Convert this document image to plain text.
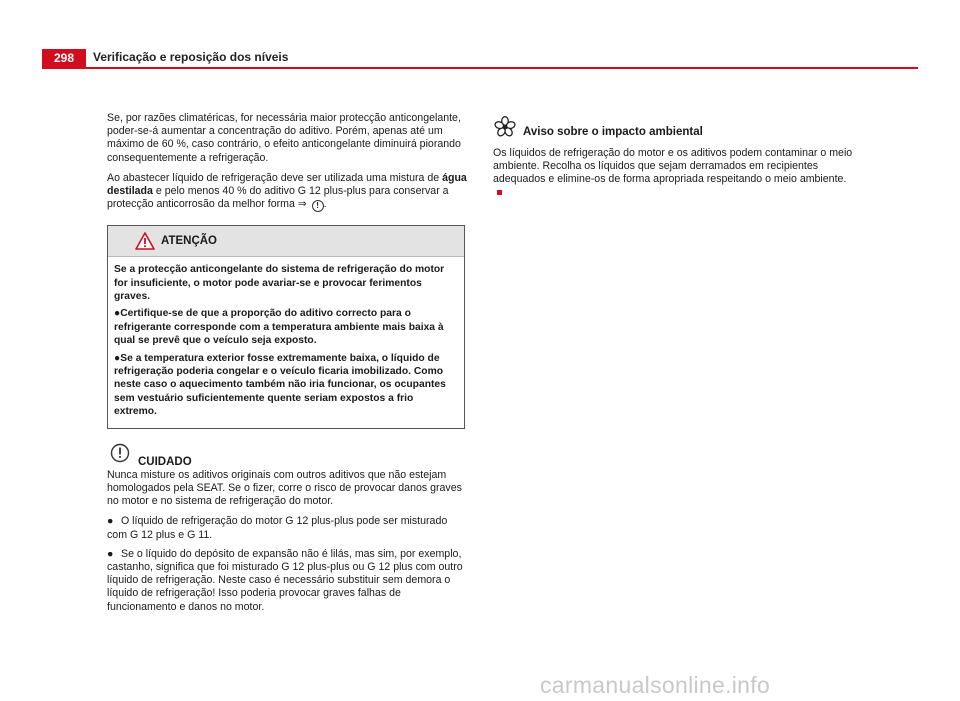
298	Verificação e reposição dos níveis

Se, por razões climatéricas, for necessária maior protecção anticongelante, poder-se-á aumentar a concentração do aditivo. Porém, apenas até um máximo de 60 %, caso contrário, o efeito anticongelante diminuirá piorando consequentemente a refrigeração.

Ao abastecer líquido de refrigeração deve ser utilizada uma mistura de água destilada e pelo menos 40 % do aditivo G 12 plus-plus para conservar a protecção anticorrosão da melhor forma ⇒ ! .

ATENÇÃO

Se a protecção anticongelante do sistema de refrigeração do motor for insuficiente, o motor pode avariar-se e provocar ferimentos graves.

●Certifique-se de que a proporção do aditivo correcto para o refrigerante corresponde com a temperatura ambiente mais baixa à qual se prevê que o veículo seja exposto.

●Se a temperatura exterior fosse extremamente baixa, o líquido de refrigeração poderia congelar e o veículo ficaria imobilizado. Como neste caso o aquecimento também não iria funcionar, os ocupantes sem vestuário suficientemente quente seriam expostos a frio extremo.

CUIDADO

Nunca misture os aditivos originais com outros aditivos que não estejam homologados pela SEAT. Se o fizer, corre o risco de provocar danos graves no motor e no sistema de refrigeração do motor.

● O líquido de refrigeração do motor G 12 plus-plus pode ser misturado com G 12 plus e G 11.

● Se o líquido do depósito de expansão não é lilás, mas sim, por exemplo, castanho, significa que foi misturado G 12 plus-plus ou G 12 plus com outro líquido de refrigeração. Neste caso é necessário substituir sem demora o líquido de refrigeração! Isso poderia provocar graves falhas de funcionamento e danos no motor.

Aviso sobre o impacto ambiental

Os líquidos de refrigeração do motor e os aditivos podem contaminar o meio ambiente. Recolha os líquidos que sejam derramados em recipientes adequados e elimine-os de forma apropriada respeitando o meio ambiente.

carmanualsonline.info
